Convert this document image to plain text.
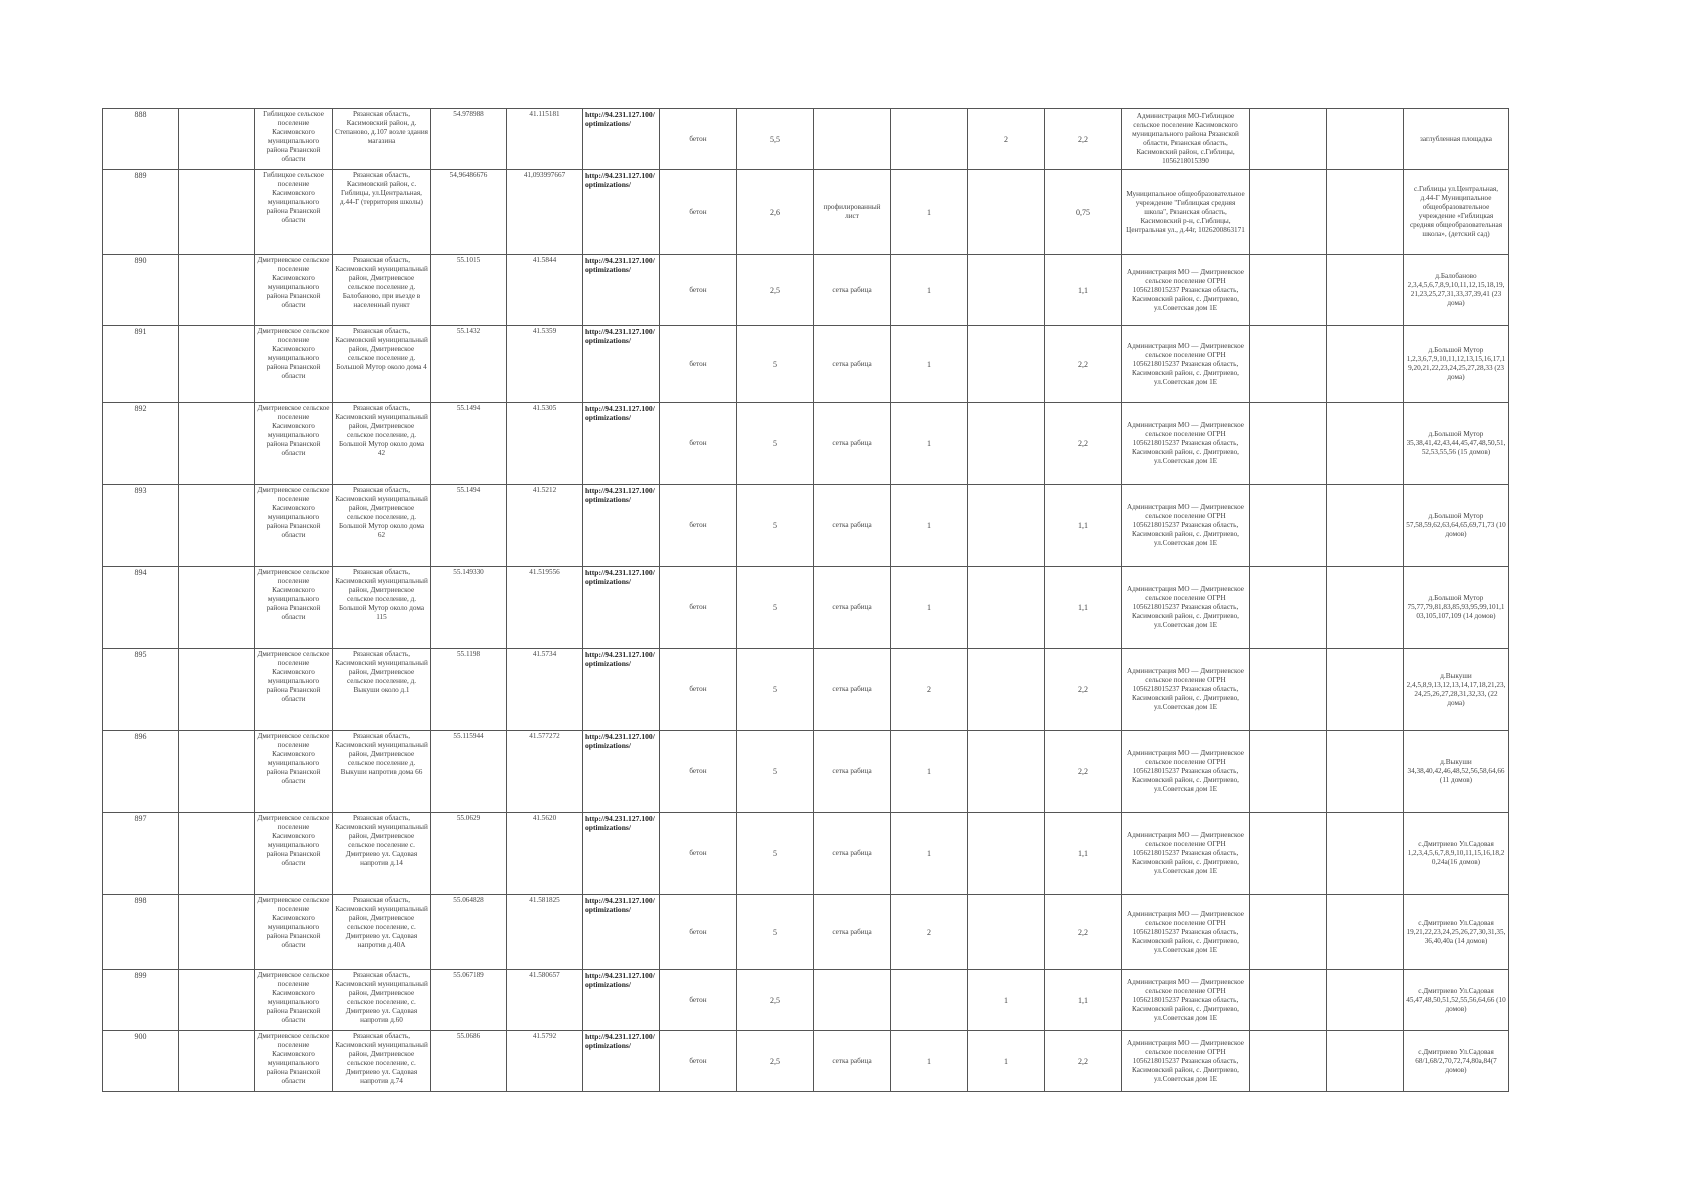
888		Гиблицкое сельское поселение Касимовского муниципального района Рязанской области	Рязанская область, Касимовский район, д. Степаново, д.107 возле здания магазина	54.978988	41.115181	http://94.231.127.100/optimizations/	бетон	5,5			2	2,2	Администрация МО-Гиблицкое сельское поселение Касимовского муниципального района Рязанской области, Рязанская область, Касимовский район, с.Гиблицы, 1056218015390			заглубленная площадка
889		Гиблицкое сельское поселение Касимовского муниципального района Рязанской области	Рязанская область, Касимовский район, с. Гиблицы, ул.Центральная, д.44-Г (территория школы)	54,96486676	41,093997667	http://94.231.127.100/optimizations/	бетон	2,6	профилированный лист	1		0,75	Муниципальное общеобразовательное учреждение "Гиблицкая средняя школа", Рязанская область, Касимовский р-н, с.Гиблицы, Центральная ул., д.44г, 1026200863171			с.Гиблицы ул.Центральная, д.44-Г Муниципальное общеобразовательное учреждение «Гиблицкая средняя общеобразовательная школа», (детский сад)
890		Дмитриевское сельское поселение Касимовского муниципального района Рязанской области	Рязанская область, Касимовский муниципальный район, Дмитриевское сельское поселение д. Балобаново, при въезде в населенный пункт	55.1015	41.5844	http://94.231.127.100/optimizations/	бетон	2,5	сетка рабица	1		1,1	Администрация МО — Дмитриевское сельское поселение ОГРН 1056218015237 Рязанская область, Касимовский район, с. Дмитриево, ул.Советская дом 1Е			д.Балобаново 2,3,4,5,6,7,8,9,10,11,12,15,18,19,21,23,25,27,31,33,37,39,41 (23 дома)
891		Дмитриевское сельское поселение Касимовского муниципального района Рязанской области	Рязанская область, Касимовский муниципальный район, Дмитриевское сельское поселение д. Большой Мутор около дома 4	55.1432	41.5359	http://94.231.127.100/optimizations/	бетон	5	сетка рабица	1		2,2	Администрация МО — Дмитриевское сельское поселение ОГРН 1056218015237 Рязанская область, Касимовский район, с. Дмитриево, ул.Советская дом 1Е			д.Большой Мутор 1,2,3,6,7,9,10,11,12,13,15,16,17,19,20,21,22,23,24,25,27,28,33 (23 дома)
892		Дмитриевское сельское поселение Касимовского муниципального района Рязанской области	Рязанская область, Касимовский муниципальный район, Дмитриевское сельское поселение, д. Большой Мутор около дома 42	55.1494	41.5305	http://94.231.127.100/optimizations/	бетон	5	сетка рабица	1		2,2	Администрация МО — Дмитриевское сельское поселение ОГРН 1056218015237 Рязанская область, Касимовский район, с. Дмитриево, ул.Советская дом 1Е			д.Большой Мутор 35,38,41,42,43,44,45,47,48,50,51,52,53,55,56 (15 домов)
893		Дмитриевское сельское поселение Касимовского муниципального района Рязанской области	Рязанская область, Касимовский муниципальный район, Дмитриевское сельское поселение, д. Большой Мутор около дома 62	55.1494	41.5212	http://94.231.127.100/optimizations/	бетон	5	сетка рабица	1		1,1	Администрация МО — Дмитриевское сельское поселение ОГРН 1056218015237 Рязанская область, Касимовский район, с. Дмитриево, ул.Советская дом 1Е			д.Большой Мутор 57,58,59,62,63,64,65,69,71,73 (10 домов)
894		Дмитриевское сельское поселение Касимовского муниципального района Рязанской области	Рязанская область, Касимовский муниципальный район, Дмитриевское сельское поселение, д. Большой Мутор около дома 115	55.149330	41.519556	http://94.231.127.100/optimizations/	бетон	5	сетка рабица	1		1,1	Администрация МО — Дмитриевское сельское поселение ОГРН 1056218015237 Рязанская область, Касимовский район, с. Дмитриево, ул.Советская дом 1Е			д.Большой Мутор 75,77,79,81,83,85,93,95,99,101,103,105,107,109 (14 домов)
895		Дмитриевское сельское поселение Касимовского муниципального района Рязанской области	Рязанская область, Касимовский муниципальный район, Дмитриевское сельское поселение, д. Выкуши около д.1	55.1198	41.5734	http://94.231.127.100/optimizations/	бетон	5	сетка рабица	2		2,2	Администрация МО — Дмитриевское сельское поселение ОГРН 1056218015237 Рязанская область, Касимовский район, с. Дмитриево, ул.Советская дом 1Е			д.Выкуши 2,4,5,8,9,13,12,13,14,17,18,21,23,24,25,26,27,28,31,32,33, (22 дома)
896		Дмитриевское сельское поселение Касимовского муниципального района Рязанской области	Рязанская область, Касимовский муниципальный район, Дмитриевское сельское поселение д. Выкуши напротив дома 66	55.115944	41.577272	http://94.231.127.100/optimizations/	бетон	5	сетка рабица	1		2,2	Администрация МО — Дмитриевское сельское поселение ОГРН 1056218015237 Рязанская область, Касимовский район, с. Дмитриево, ул.Советская дом 1Е			д.Выкуши 34,38,40,42,46,48,52,56,58,64,66 (11 домов)
897		Дмитриевское сельское поселение Касимовского муниципального района Рязанской области	Рязанская область, Касимовский муниципальный район, Дмитриевское сельское поселение с. Дмитриево ул. Садовая напротив д.14	55.0629	41.5620	http://94.231.127.100/optimizations/	бетон	5	сетка рабица	1		1,1	Администрация МО — Дмитриевское сельское поселение ОГРН 1056218015237 Рязанская область, Касимовский район, с. Дмитриево, ул.Советская дом 1Е			с.Дмитриево Ул.Садовая 1,2,3,4,5,6,7,8,9,10,11,15,16,18,20,24а(16 домов)
898		Дмитриевское сельское поселение Касимовского муниципального района Рязанской области	Рязанская область, Касимовский муниципальный район, Дмитриевское сельское поселение, с. Дмитриево ул. Садовая напротив д.40А	55.064828	41.581825	http://94.231.127.100/optimizations/	бетон	5	сетка рабица	2		2,2	Администрация МО — Дмитриевское сельское поселение ОГРН 1056218015237 Рязанская область, Касимовский район, с. Дмитриево, ул.Советская дом 1Е			с.Дмитриево Ул.Садовая 19,21,22,23,24,25,26,27,30,31,35,36,40,40а (14 домов)
899		Дмитриевское сельское поселение Касимовского муниципального района Рязанской области	Рязанская область, Касимовский муниципальный район, Дмитриевское сельское поселение, с. Дмитриево ул. Садовая напротив д.60	55.067189	41.580657	http://94.231.127.100/optimizations/	бетон	2,5			1	1,1	Администрация МО — Дмитриевское сельское поселение ОГРН 1056218015237 Рязанская область, Касимовский район, с. Дмитриево, ул.Советская дом 1Е			с.Дмитриево Ул.Садовая 45,47,48,50,51,52,55,56,64,66 (10 домов)
900		Дмитриевское сельское поселение Касимовского муниципального района Рязанской области	Рязанская область, Касимовский муниципальный район, Дмитриевское сельское поселение, с. Дмитриево ул. Садовая напротив д.74	55.0686	41.5792	http://94.231.127.100/optimizations/	бетон	2,5	сетка рабица	1	1	2,2	Администрация МО — Дмитриевское сельское поселение ОГРН 1056218015237 Рязанская область, Касимовский район, с. Дмитриево, ул.Советская дом 1Е			с.Дмитриево Ул.Садовая 68/1,68/2,70,72,74,80а,84(7 домов)
